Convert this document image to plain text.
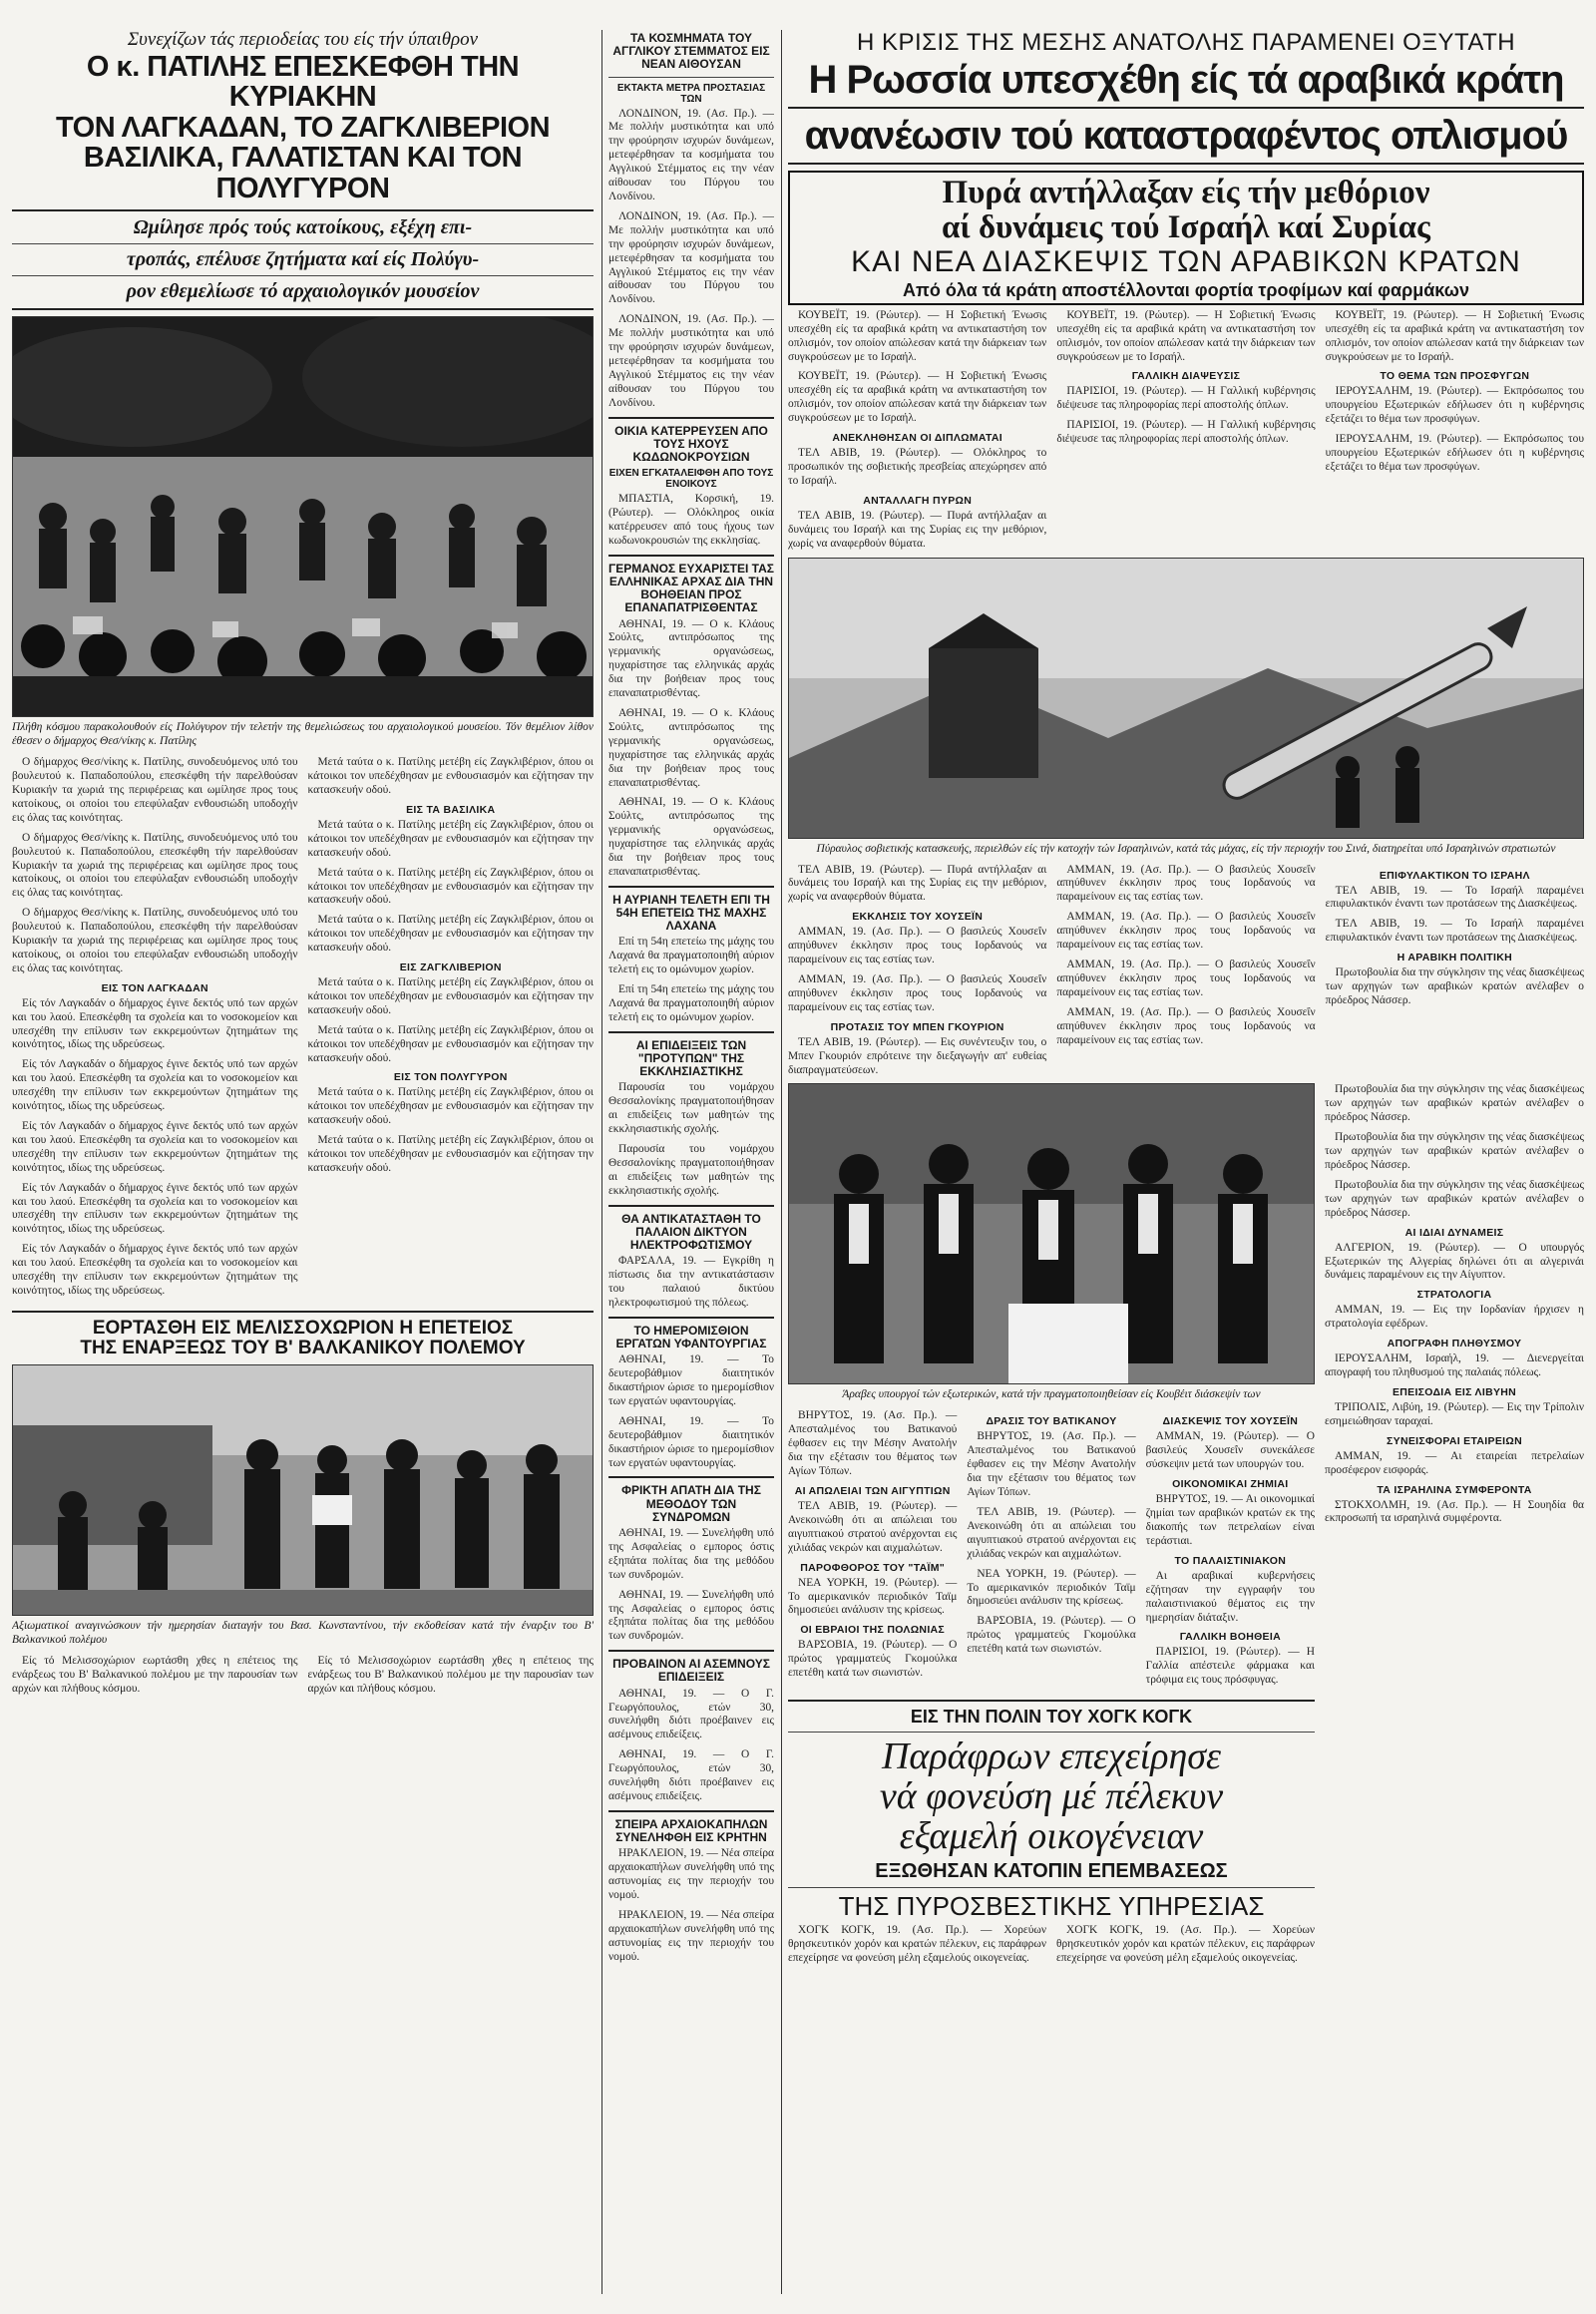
Συνεχίζων τάς περιοδείας του είς τήν ύπαιθρον
Ο κ. ΠΑΤΙΛΗΣ ΕΠΕΣΚΕΦΘΗ ΤΗΝ ΚΥΡΙΑΚΗΝ
ΤΟΝ ΛΑΓΚΑΔΑΝ, ΤΟ ΖΑΓΚΛΙΒΕΡΙΟΝ
ΒΑΣΙΛΙΚΑ, ΓΑΛΑΤΙΣΤΑΝ ΚΑΙ ΤΟΝ ΠΟΛΥΓΥΡΟΝ
Ωμίλησε πρός τούς κατοίκους, εξέχη επι-
τροπάς, επέλυσε ζητήματα καί είς Πολύγυ-
ρον εθεμελίωσε τό αρχαιολογικόν μουσείον

Πλήθη κόσμου παρακολουθούν είς Πολύγυρον τήν τελετήν της θεμελιώσεως του αρχαιολογικού μουσείου. Τόν θεμέλιον λίθον έθεσεν ο δήμαρχος Θεσ/νίκης κ. Πατίλης

Ο δήμαρχος Θεσ/νίκης κ. Πατίλης, συνοδευόμενος υπό του βουλευτού κ. Παπαδοπούλου, επεσκέφθη τήν παρελθούσαν Κυριακήν τα χωριά της περιφέρειας και ωμίλησε προς τους κατοίκους, οι οποίοι του επεφύλαξαν ενθουσιώδη υποδοχήν εις όλας τας κοινότητας.

Ο δήμαρχος Θεσ/νίκης κ. Πατίλης, συνοδευόμενος υπό του βουλευτού κ. Παπαδοπούλου, επεσκέφθη τήν παρελθούσαν Κυριακήν τα χωριά της περιφέρειας και ωμίλησε προς τους κατοίκους, οι οποίοι του επεφύλαξαν ενθουσιώδη υποδοχήν εις όλας τας κοινότητας.

Ο δήμαρχος Θεσ/νίκης κ. Πατίλης, συνοδευόμενος υπό του βουλευτού κ. Παπαδοπούλου, επεσκέφθη τήν παρελθούσαν Κυριακήν τα χωριά της περιφέρειας και ωμίλησε προς τους κατοίκους, οι οποίοι του επεφύλαξαν ενθουσιώδη υποδοχήν εις όλας τας κοινότητας.

ΕΙΣ ΤΟΝ ΛΑΓΚΑΔΑΝ

Είς τόν Λαγκαδάν ο δήμαρχος έγινε δεκτός υπό των αρχών και του λαού. Επεσκέφθη τα σχολεία και το νοσοκομείον και υπεσχέθη την επίλυσιν των εκκρεμούντων ζητημάτων της κοινότητος, ιδίως της υδρεύσεως.

Είς τόν Λαγκαδάν ο δήμαρχος έγινε δεκτός υπό των αρχών και του λαού. Επεσκέφθη τα σχολεία και το νοσοκομείον και υπεσχέθη την επίλυσιν των εκκρεμούντων ζητημάτων της κοινότητος, ιδίως της υδρεύσεως.

Είς τόν Λαγκαδάν ο δήμαρχος έγινε δεκτός υπό των αρχών και του λαού. Επεσκέφθη τα σχολεία και το νοσοκομείον και υπεσχέθη την επίλυσιν των εκκρεμούντων ζητημάτων της κοινότητος, ιδίως της υδρεύσεως.

Είς τόν Λαγκαδάν ο δήμαρχος έγινε δεκτός υπό των αρχών και του λαού. Επεσκέφθη τα σχολεία και το νοσοκομείον και υπεσχέθη την επίλυσιν των εκκρεμούντων ζητημάτων της κοινότητος, ιδίως της υδρεύσεως.

Είς τόν Λαγκαδάν ο δήμαρχος έγινε δεκτός υπό των αρχών και του λαού. Επεσκέφθη τα σχολεία και το νοσοκομείον και υπεσχέθη την επίλυσιν των εκκρεμούντων ζητημάτων της κοινότητος, ιδίως της υδρεύσεως.

Μετά ταύτα ο κ. Πατίλης μετέβη είς Ζαγκλιβέριον, όπου οι κάτοικοι τον υπεδέχθησαν με ενθουσιασμόν και εζήτησαν την κατασκευήν οδού.

ΕΙΣ ΤΑ ΒΑΣΙΛΙΚΑ

Μετά ταύτα ο κ. Πατίλης μετέβη είς Ζαγκλιβέριον, όπου οι κάτοικοι τον υπεδέχθησαν με ενθουσιασμόν και εζήτησαν την κατασκευήν οδού.

Μετά ταύτα ο κ. Πατίλης μετέβη είς Ζαγκλιβέριον, όπου οι κάτοικοι τον υπεδέχθησαν με ενθουσιασμόν και εζήτησαν την κατασκευήν οδού.

Μετά ταύτα ο κ. Πατίλης μετέβη είς Ζαγκλιβέριον, όπου οι κάτοικοι τον υπεδέχθησαν με ενθουσιασμόν και εζήτησαν την κατασκευήν οδού.

ΕΙΣ ΖΑΓΚΛΙΒΕΡΙΟΝ

Μετά ταύτα ο κ. Πατίλης μετέβη είς Ζαγκλιβέριον, όπου οι κάτοικοι τον υπεδέχθησαν με ενθουσιασμόν και εζήτησαν την κατασκευήν οδού.

Μετά ταύτα ο κ. Πατίλης μετέβη είς Ζαγκλιβέριον, όπου οι κάτοικοι τον υπεδέχθησαν με ενθουσιασμόν και εζήτησαν την κατασκευήν οδού.

ΕΙΣ ΤΟΝ ΠΟΛΥΓΥΡΟΝ

Μετά ταύτα ο κ. Πατίλης μετέβη είς Ζαγκλιβέριον, όπου οι κάτοικοι τον υπεδέχθησαν με ενθουσιασμόν και εζήτησαν την κατασκευήν οδού.

Μετά ταύτα ο κ. Πατίλης μετέβη είς Ζαγκλιβέριον, όπου οι κάτοικοι τον υπεδέχθησαν με ενθουσιασμόν και εζήτησαν την κατασκευήν οδού.

ΕΟΡΤΑΣΘΗ ΕΙΣ ΜΕΛΙΣΣΟΧΩΡΙΟΝ Η ΕΠΕΤΕΙΟΣ
ΤΗΣ ΕΝΑΡΞΕΩΣ ΤΟΥ Β' ΒΑΛΚΑΝΙΚΟΥ ΠΟΛΕΜΟΥ

Αξιωματικοί αναγινώσκουν τήν ημερησίαν διαταγήν του Βασ. Κωνσταντίνου, τήν εκδοθείσαν κατά τήν έναρξιν του Β' Βαλκανικού πολέμου

Είς τό Μελισσοχώριον εωρτάσθη χθες η επέτειος της ενάρξεως του Β' Βαλκανικού πολέμου με την παρουσίαν των αρχών και πλήθους κόσμου.

Είς τό Μελισσοχώριον εωρτάσθη χθες η επέτειος της ενάρξεως του Β' Βαλκανικού πολέμου με την παρουσίαν των αρχών και πλήθους κόσμου.

ΤΑ ΚΟΣΜΗΜΑΤΑ ΤΟΥ ΑΓΓΛΙΚΟΥ ΣΤΕΜΜΑΤΟΣ ΕΙΣ ΝΕΑΝ ΑΙΘΟΥΣΑΝ
ΕΚΤΑΚΤΑ ΜΕΤΡΑ ΠΡΟΣΤΑΣΙΑΣ ΤΩΝ

ΛΟΝΔΙΝΟΝ, 19. (Ασ. Πρ.). — Με πολλήν μυστικότητα και υπό την φρούρησιν ισχυρών δυνάμεων, μετεφέρθησαν τα κοσμήματα του Αγγλικού Στέμματος εις την νέαν αίθουσαν του Πύργου του Λονδίνου.

ΛΟΝΔΙΝΟΝ, 19. (Ασ. Πρ.). — Με πολλήν μυστικότητα και υπό την φρούρησιν ισχυρών δυνάμεων, μετεφέρθησαν τα κοσμήματα του Αγγλικού Στέμματος εις την νέαν αίθουσαν του Πύργου του Λονδίνου.

ΛΟΝΔΙΝΟΝ, 19. (Ασ. Πρ.). — Με πολλήν μυστικότητα και υπό την φρούρησιν ισχυρών δυνάμεων, μετεφέρθησαν τα κοσμήματα του Αγγλικού Στέμματος εις την νέαν αίθουσαν του Πύργου του Λονδίνου.

ΟΙΚΙΑ ΚΑΤΕΡΡΕΥΣΕΝ ΑΠΟ ΤΟΥΣ ΗΧΟΥΣ ΚΩΔΩΝΟΚΡΟΥΣΙΩΝ
ΕΙΧΕΝ ΕΓΚΑΤΑΛΕΙΦΘΗ ΑΠΟ ΤΟΥΣ ΕΝΟΙΚΟΥΣ

ΜΠΑΣΤΙΑ, Κορσική, 19. (Ρώυτερ). — Ολόκληρος οικία κατέρρευσεν από τους ήχους των κωδωνοκρουσιών της εκκλησίας.

ΓΕΡΜΑΝΟΣ ΕΥΧΑΡΙΣΤΕΙ ΤΑΣ ΕΛΛΗΝΙΚΑΣ ΑΡΧΑΣ ΔΙΑ ΤΗΝ ΒΟΗΘΕΙΑΝ ΠΡΟΣ ΕΠΑΝΑΠΑΤΡΙΣΘΕΝΤΑΣ

ΑΘΗΝΑΙ, 19. — Ο κ. Κλάους Σούλτς, αντιπρόσωπος της γερμανικής οργανώσεως, ηυχαρίστησε τας ελληνικάς αρχάς δια την βοήθειαν προς τους επαναπατρισθέντας.

ΑΘΗΝΑΙ, 19. — Ο κ. Κλάους Σούλτς, αντιπρόσωπος της γερμανικής οργανώσεως, ηυχαρίστησε τας ελληνικάς αρχάς δια την βοήθειαν προς τους επαναπατρισθέντας.

ΑΘΗΝΑΙ, 19. — Ο κ. Κλάους Σούλτς, αντιπρόσωπος της γερμανικής οργανώσεως, ηυχαρίστησε τας ελληνικάς αρχάς δια την βοήθειαν προς τους επαναπατρισθέντας.

Η ΑΥΡΙΑΝΗ ΤΕΛΕΤΗ ΕΠΙ ΤΗ 54Η ΕΠΕΤΕΙΩ ΤΗΣ ΜΑΧΗΣ ΛΑΧΑΝΑ

Επί τη 54η επετείω της μάχης του Λαχανά θα πραγματοποιηθή αύριον τελετή εις το ομώνυμον χωρίον.

Επί τη 54η επετείω της μάχης του Λαχανά θα πραγματοποιηθή αύριον τελετή εις το ομώνυμον χωρίον.

ΑΙ ΕΠΙΔΕΙΞΕΙΣ ΤΩΝ "ΠΡΟΤΥΠΩΝ" ΤΗΣ ΕΚΚΛΗΣΙΑΣΤΙΚΗΣ

Παρουσία του νομάρχου Θεσσαλονίκης πραγματοποιήθησαν αι επιδείξεις των μαθητών της εκκλησιαστικής σχολής.

Παρουσία του νομάρχου Θεσσαλονίκης πραγματοποιήθησαν αι επιδείξεις των μαθητών της εκκλησιαστικής σχολής.

ΘΑ ΑΝΤΙΚΑΤΑΣΤΑΘΗ ΤΟ ΠΑΛΑΙΟΝ ΔΙΚΤΥΟΝ ΗΛΕΚΤΡΟΦΩΤΙΣΜΟΥ

ΦΑΡΣΑΛΑ, 19. — Εγκρίθη η πίστωσις δια την αντικατάστασιν του παλαιού δικτύου ηλεκτροφωτισμού της πόλεως.

ΤΟ ΗΜΕΡΟΜΙΣΘΙΟΝ ΕΡΓΑΤΩΝ ΥΦΑΝΤΟΥΡΓΙΑΣ

ΑΘΗΝΑΙ, 19. — Το δευτεροβάθμιον διαιτητικόν δικαστήριον ώρισε το ημερομίσθιον των εργατών υφαντουργίας.

ΑΘΗΝΑΙ, 19. — Το δευτεροβάθμιον διαιτητικόν δικαστήριον ώρισε το ημερομίσθιον των εργατών υφαντουργίας.

ΦΡΙΚΤΗ ΑΠΑΤΗ ΔΙΑ ΤΗΣ ΜΕΘΟΔΟΥ ΤΩΝ ΣΥΝΔΡΟΜΩΝ

ΑΘΗΝΑΙ, 19. — Συνελήφθη υπό της Ασφαλείας ο εμπορος όστις εξηπάτα πολίτας δια της μεθόδου των συνδρομών.

ΑΘΗΝΑΙ, 19. — Συνελήφθη υπό της Ασφαλείας ο εμπορος όστις εξηπάτα πολίτας δια της μεθόδου των συνδρομών.

ΠΡΟΒΑΙΝΟΝ ΑΙ ΑΣΕΜΝΟΥΣ ΕΠΙΔΕΙΞΕΙΣ

ΑΘΗΝΑΙ, 19. — Ο Γ. Γεωργόπουλος, ετών 30, συνελήφθη διότι προέβαινεν εις ασέμνους επιδείξεις.

ΑΘΗΝΑΙ, 19. — Ο Γ. Γεωργόπουλος, ετών 30, συνελήφθη διότι προέβαινεν εις ασέμνους επιδείξεις.

ΣΠΕΙΡΑ ΑΡΧΑΙΟΚΑΠΗΛΩΝ ΣΥΝΕΛΗΦΘΗ ΕΙΣ ΚΡΗΤΗΝ

ΗΡΑΚΛΕΙΟΝ, 19. — Νέα σπείρα αρχαιοκαπήλων συνελήφθη υπό της αστυνομίας εις την περιοχήν του νομού.

ΗΡΑΚΛΕΙΟΝ, 19. — Νέα σπείρα αρχαιοκαπήλων συνελήφθη υπό της αστυνομίας εις την περιοχήν του νομού.

Η ΚΡΙΣΙΣ ΤΗΣ ΜΕΣΗΣ ΑΝΑΤΟΛΗΣ ΠΑΡΑΜΕΝΕΙ ΟΞΥΤΑΤΗ
Η Ρωσσία υπεσχέθη είς τά αραβικά κράτη
ανανέωσιν τού καταστραφέντος οπλισμού
Πυρά αντήλλαξαν είς τήν μεθόριον
αί δυνάμεις τού Ισραήλ καί Συρίας
ΚΑΙ ΝΕΑ ΔΙΑΣΚΕΨΙΣ ΤΩΝ ΑΡΑΒΙΚΩΝ ΚΡΑΤΩΝ
Από όλα τά κράτη αποστέλλονται φορτία τροφίμων καί φαρμάκων

ΚΟΥΒΕΪΤ, 19. (Ρώυτερ). — Η Σοβιετική Ένωσις υπεσχέθη είς τα αραβικά κράτη να αντικαταστήση τον οπλισμόν, τον οποίον απώλεσαν κατά την διάρκειαν των συγκρούσεων με το Ισραήλ.

ΚΟΥΒΕΪΤ, 19. (Ρώυτερ). — Η Σοβιετική Ένωσις υπεσχέθη είς τα αραβικά κράτη να αντικαταστήση τον οπλισμόν, τον οποίον απώλεσαν κατά την διάρκειαν των συγκρούσεων με το Ισραήλ.

ΑΝΕΚΛΗΘΗΣΑΝ ΟΙ ΔΙΠΛΩΜΑΤΑΙ

ΤΕΛ ΑΒΙΒ, 19. (Ρώυτερ). — Ολόκληρος το προσωπικόν της σοβιετικής πρεσβείας απεχώρησεν από το Ισραήλ.

ΑΝΤΑΛΛΑΓΗ ΠΥΡΩΝ

ΤΕΛ ΑΒΙΒ, 19. (Ρώυτερ). — Πυρά αντήλλαξαν αι δυνάμεις του Ισραήλ και της Συρίας εις την μεθόριον, χωρίς να αναφερθούν θύματα.

ΚΟΥΒΕΪΤ, 19. (Ρώυτερ). — Η Σοβιετική Ένωσις υπεσχέθη είς τα αραβικά κράτη να αντικαταστήση τον οπλισμόν, τον οποίον απώλεσαν κατά την διάρκειαν των συγκρούσεων με το Ισραήλ.

ΓΑΛΛΙΚΗ ΔΙΑΨΕΥΣΙΣ

ΠΑΡΙΣΙΟΙ, 19. (Ρώυτερ). — Η Γαλλική κυβέρνησις διέψευσε τας πληροφορίας περί αποστολής όπλων.

ΠΑΡΙΣΙΟΙ, 19. (Ρώυτερ). — Η Γαλλική κυβέρνησις διέψευσε τας πληροφορίας περί αποστολής όπλων.

ΚΟΥΒΕΪΤ, 19. (Ρώυτερ). — Η Σοβιετική Ένωσις υπεσχέθη είς τα αραβικά κράτη να αντικαταστήση τον οπλισμόν, τον οποίον απώλεσαν κατά την διάρκειαν των συγκρούσεων με το Ισραήλ.

ΤΟ ΘΕΜΑ ΤΩΝ ΠΡΟΣΦΥΓΩΝ

ΙΕΡΟΥΣΑΛΗΜ, 19. (Ρώυτερ). — Εκπρόσωπος του υπουργείου Εξωτερικών εδήλωσεν ότι η κυβέρνησις εξετάζει το θέμα των προσφύγων.

ΙΕΡΟΥΣΑΛΗΜ, 19. (Ρώυτερ). — Εκπρόσωπος του υπουργείου Εξωτερικών εδήλωσεν ότι η κυβέρνησις εξετάζει το θέμα των προσφύγων.

Πύραυλος σοβιετικής κατασκευής, περιελθών είς τήν κατοχήν τών Ισραηλινών, κατά τάς μάχας, είς τήν περιοχήν του Σινά, διατηρείται υπό Ισραηλινών στρατιωτών

ΤΕΛ ΑΒΙΒ, 19. (Ρώυτερ). — Πυρά αντήλλαξαν αι δυνάμεις του Ισραήλ και της Συρίας εις την μεθόριον, χωρίς να αναφερθούν θύματα.

ΕΚΚΛΗΣΙΣ ΤΟΥ ΧΟΥΣΕΪΝ

ΑΜΜΑΝ, 19. (Ασ. Πρ.). — Ο βασιλεύς Χουσεΐν απηύθυνεν έκκλησιν προς τους Ιορδανούς να παραμείνουν εις τας εστίας των.

ΑΜΜΑΝ, 19. (Ασ. Πρ.). — Ο βασιλεύς Χουσεΐν απηύθυνεν έκκλησιν προς τους Ιορδανούς να παραμείνουν εις τας εστίας των.

ΠΡΟΤΑΣΙΣ ΤΟΥ ΜΠΕΝ ΓΚΟΥΡΙΟΝ

ΤΕΛ ΑΒΙΒ, 19. (Ρώυτερ). — Εις συνέντευξιν του, ο Μπεν Γκουριόν επρότεινε την διεξαγωγήν απ' ευθείας διαπραγματεύσεων.

ΑΜΜΑΝ, 19. (Ασ. Πρ.). — Ο βασιλεύς Χουσεΐν απηύθυνεν έκκλησιν προς τους Ιορδανούς να παραμείνουν εις τας εστίας των.

ΑΜΜΑΝ, 19. (Ασ. Πρ.). — Ο βασιλεύς Χουσεΐν απηύθυνεν έκκλησιν προς τους Ιορδανούς να παραμείνουν εις τας εστίας των.

ΑΜΜΑΝ, 19. (Ασ. Πρ.). — Ο βασιλεύς Χουσεΐν απηύθυνεν έκκλησιν προς τους Ιορδανούς να παραμείνουν εις τας εστίας των.

ΑΜΜΑΝ, 19. (Ασ. Πρ.). — Ο βασιλεύς Χουσεΐν απηύθυνεν έκκλησιν προς τους Ιορδανούς να παραμείνουν εις τας εστίας των.

ΕΠΙΦΥΛΑΚΤΙΚΟΝ ΤΟ ΙΣΡΑΗΛ

ΤΕΛ ΑΒΙΒ, 19. — Το Ισραήλ παραμένει επιφυλακτικόν έναντι των προτάσεων της Διασκέψεως.

ΤΕΛ ΑΒΙΒ, 19. — Το Ισραήλ παραμένει επιφυλακτικόν έναντι των προτάσεων της Διασκέψεως.

Η ΑΡΑΒΙΚΗ ΠΟΛΙΤΙΚΗ

Πρωτοβουλία δια την σύγκλησιν της νέας διασκέψεως των αρχηγών των αραβικών κρατών ανέλαβεν ο πρόεδρος Νάσσερ.

Άραβες υπουργοί τών εξωτερικών, κατά τήν πραγματοποιηθείσαν είς Κουβέιτ διάσκεψίν των

ΒΗΡΥΤΟΣ, 19. (Ασ. Πρ.). — Απεσταλμένος του Βατικανού έφθασεν εις την Μέσην Ανατολήν δια την εξέτασιν του θέματος των Αγίων Τόπων.

ΑΙ ΑΠΩΛΕΙΑΙ ΤΩΝ ΑΙΓΥΠΤΙΩΝ

ΤΕΛ ΑΒΙΒ, 19. (Ρώυτερ). — Ανεκοινώθη ότι αι απώλειαι του αιγυπτιακού στρατού ανέρχονται εις χιλιάδας νεκρών και αιχμαλώτων.

ΠΑΡΟΦΘΟΡΟΣ ΤΟΥ "ΤΑΪΜ"

ΝΕΑ ΥΟΡΚΗ, 19. (Ρώυτερ). — Το αμερικανικόν περιοδικόν Ταϊμ δημοσιεύει ανάλυσιν της κρίσεως.

ΟΙ ΕΒΡΑΙΟΙ ΤΗΣ ΠΟΛΩΝΙΑΣ

ΒΑΡΣΟΒΙΑ, 19. (Ρώυτερ). — Ο πρώτος γραμματεύς Γκομούλκα επετέθη κατά των σιωνιστών.

ΔΡΑΣΙΣ ΤΟΥ ΒΑΤΙΚΑΝΟΥ

ΒΗΡΥΤΟΣ, 19. (Ασ. Πρ.). — Απεσταλμένος του Βατικανού έφθασεν εις την Μέσην Ανατολήν δια την εξέτασιν του θέματος των Αγίων Τόπων.

ΤΕΛ ΑΒΙΒ, 19. (Ρώυτερ). — Ανεκοινώθη ότι αι απώλειαι του αιγυπτιακού στρατού ανέρχονται εις χιλιάδας νεκρών και αιχμαλώτων.

ΝΕΑ ΥΟΡΚΗ, 19. (Ρώυτερ). — Το αμερικανικόν περιοδικόν Ταϊμ δημοσιεύει ανάλυσιν της κρίσεως.

ΒΑΡΣΟΒΙΑ, 19. (Ρώυτερ). — Ο πρώτος γραμματεύς Γκομούλκα επετέθη κατά των σιωνιστών.

ΔΙΑΣΚΕΨΙΣ ΤΟΥ ΧΟΥΣΕΪΝ

ΑΜΜΑΝ, 19. (Ρώυτερ). — Ο βασιλεύς Χουσεΐν συνεκάλεσε σύσκεψιν μετά των υπουργών του.

ΟΙΚΟΝΟΜΙΚΑΙ ΖΗΜΙΑΙ

ΒΗΡΥΤΟΣ, 19. — Αι οικονομικαί ζημίαι των αραβικών κρατών εκ της διακοπής των πετρελαίων είναι τεράστιαι.

ΤΟ ΠΑΛΑΙΣΤΙΝΙΑΚΟΝ

Αι αραβικαί κυβερνήσεις εζήτησαν την εγγραφήν του παλαιστινιακού θέματος εις την ημερησίαν διάταξιν.

ΓΑΛΛΙΚΗ ΒΟΗΘΕΙΑ

ΠΑΡΙΣΙΟΙ, 19. (Ρώυτερ). — Η Γαλλία απέστειλε φάρμακα και τρόφιμα εις τους πρόσφυγας.

ΕΙΣ ΤΗΝ ΠΟΛΙΝ ΤΟΥ ΧΟΓΚ ΚΟΓΚ
Παράφρων επεχείρησε
νά φονεύση μέ πέλεκυν
εξαμελή οικογένειαν
ΕΞΩΘΗΣΑΝ ΚΑΤΟΠΙΝ ΕΠΕΜΒΑΣΕΩΣ
ΤΗΣ ΠΥΡΟΣΒΕΣΤΙΚΗΣ ΥΠΗΡΕΣΙΑΣ

ΧΟΓΚ ΚΟΓΚ, 19. (Ασ. Πρ.). — Χορεύων θρησκευτικόν χορόν και κρατών πέλεκυν, εις παράφρων επεχείρησε να φονεύση μέλη εξαμελούς οικογενείας.

ΧΟΓΚ ΚΟΓΚ, 19. (Ασ. Πρ.). — Χορεύων θρησκευτικόν χορόν και κρατών πέλεκυν, εις παράφρων επεχείρησε να φονεύση μέλη εξαμελούς οικογενείας.

Πρωτοβουλία δια την σύγκλησιν της νέας διασκέψεως των αρχηγών των αραβικών κρατών ανέλαβεν ο πρόεδρος Νάσσερ.

Πρωτοβουλία δια την σύγκλησιν της νέας διασκέψεως των αρχηγών των αραβικών κρατών ανέλαβεν ο πρόεδρος Νάσσερ.

Πρωτοβουλία δια την σύγκλησιν της νέας διασκέψεως των αρχηγών των αραβικών κρατών ανέλαβεν ο πρόεδρος Νάσσερ.

ΑΙ ΙΔΙΑΙ ΔΥΝΑΜΕΙΣ

ΑΛΓΕΡΙΟΝ, 19. (Ρώυτερ). — Ο υπουργός Εξωτερικών της Αλγερίας δηλώνει ότι αι αλγερινάι δυνάμεις παραμένουν εις την Αίγυπτον.

ΣΤΡΑΤΟΛΟΓΙΑ

ΑΜΜΑΝ, 19. — Εις την Ιορδανίαν ήρχισεν η στρατολογία εφέδρων.

ΑΠΟΓΡΑΦΗ ΠΛΗΘΥΣΜΟΥ

ΙΕΡΟΥΣΑΛΗΜ, Ισραήλ, 19. — Διενεργείται απογραφή του πληθυσμού της παλαιάς πόλεως.

ΕΠΕΙΣΟΔΙΑ ΕΙΣ ΛΙΒΥΗΝ

ΤΡΙΠΟΛΙΣ, Λιβύη, 19. (Ρώυτερ). — Εις την Τρίπολιν εσημειώθησαν ταραχαί.

ΣΥΝΕΙΣΦΟΡΑΙ ΕΤΑΙΡΕΙΩΝ

ΑΜΜΑΝ, 19. — Αι εταιρείαι πετρελαίων προσέφερον εισφοράς.

ΤΑ ΙΣΡΑΗΛΙΝΑ ΣΥΜΦΕΡΟΝΤΑ

ΣΤΟΚΧΟΛΜΗ, 19. (Ασ. Πρ.). — Η Σουηδία θα εκπροσωπή τα ισραηλινά συμφέροντα.
